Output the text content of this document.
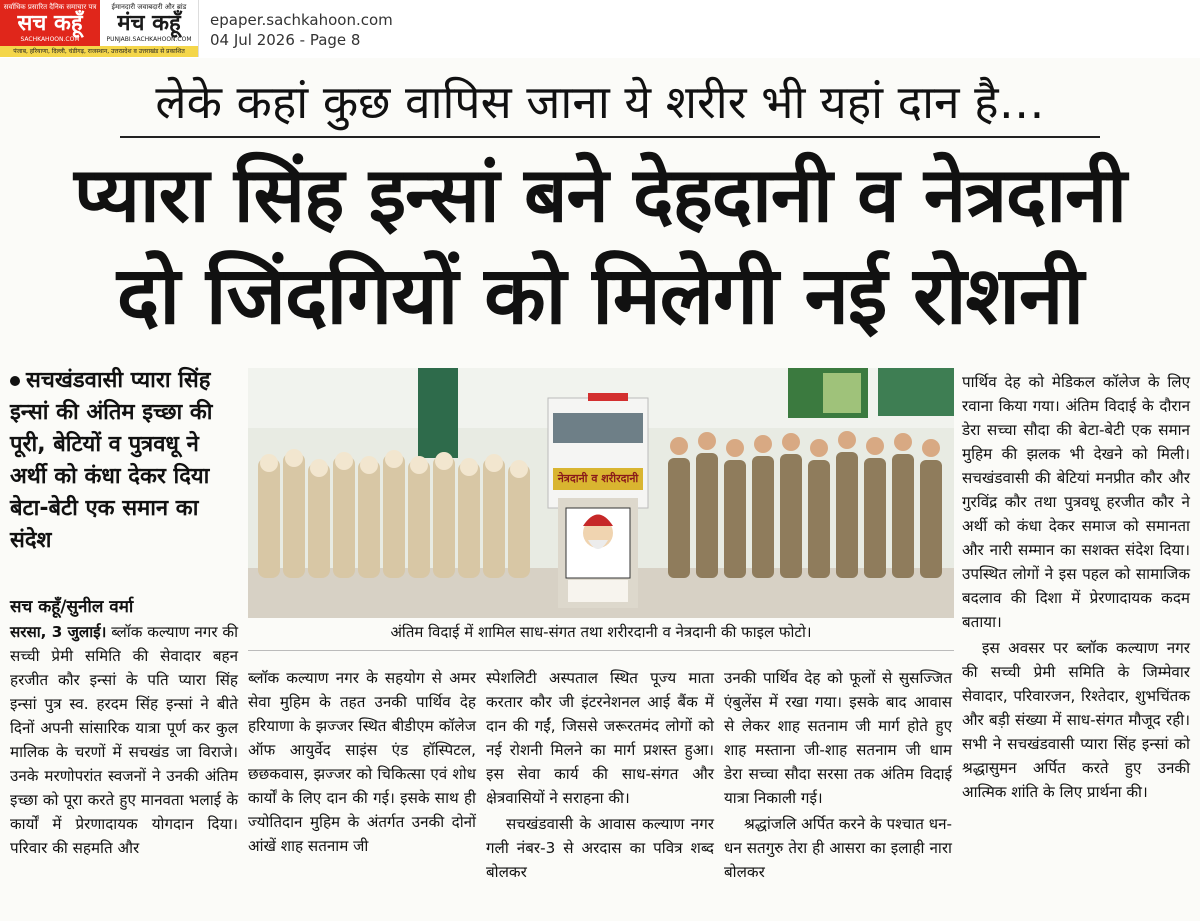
सर्वाधिक प्रसारित दैनिक समाचार पत्र
सच कहूँ
SACHKAHOON.COM
ईमानदारी जवाबदारी और ब्रांड
मंच कहूँ
PUNJABI.SACHKAHOON.COM
पंजाब, हरियाणा, दिल्ली, चंडीगढ़, राजस्थान, उत्तरप्रदेश व उत्तराखंड से प्रकाशित
epaper.sachkahoon.com
04 Jul 2026 - Page 8
लेके कहां कुछ वापिस जाना ये शरीर भी यहां दान है…
प्यारा सिंह इन्सां बने देहदानी व नेत्रदानी
दो जिंदगियों को मिलेगी नई रोशनी
सचखंडवासी प्यारा सिंह इन्सां की अंतिम इच्छा की पूरी, बेटियों व पुत्रवधू ने अर्थी को कंधा देकर दिया बेटा-बेटी एक समान का संदेश
सच कहूँ/सुनील वर्मा

सरसा, 3 जुलाई। ब्लॉक कल्याण नगर की सच्ची प्रेमी समिति की सेवादार बहन हरजीत कौर इन्सां के पति प्यारा सिंह इन्सां पुत्र स्व. हरदम सिंह इन्सां ने बीते दिनों अपनी सांसारिक यात्रा पूर्ण कर कुल मालिक के चरणों में सचखंड जा विराजे। उनके मरणोपरांत स्वजनों ने उनकी अंतिम इच्छा को पूरा करते हुए मानवता भलाई के कार्यों में प्रेरणादायक योगदान दिया। परिवार की सहमति और

नेत्रदानी व शरीरदानी
अंतिम विदाई में शामिल साध-संगत तथा शरीरदानी व नेत्रदानी की फाइल फोटो।

ब्लॉक कल्याण नगर के सहयोग से अमर सेवा मुहिम के तहत उनकी पार्थिव देह हरियाणा के झज्जर स्थित बीडीएम कॉलेज ऑफ आयुर्वेद साइंस एंड हॉस्पिटल, छछकवास, झज्जर को चिकित्सा एवं शोध कार्यों के लिए दान की गई। इसके साथ ही ज्योतिदान मुहिम के अंतर्गत उनकी दोनों आंखें शाह सतनाम जी

स्पेशलिटी अस्पताल स्थित पूज्य माता करतार कौर जी इंटरनेशनल आई बैंक में दान की गईं, जिससे जरूरतमंद लोगों को नई रोशनी मिलने का मार्ग प्रशस्त हुआ। इस सेवा कार्य की साध-संगत और क्षेत्रवासियों ने सराहना की।
सचखंडवासी के आवास कल्याण नगर गली नंबर-3 से अरदास का पवित्र शब्द बोलकर
उनकी पार्थिव देह को फूलों से सुसज्जित एंबुलेंस में रखा गया। इसके बाद आवास से लेकर शाह सतनाम जी मार्ग होते हुए शाह मस्ताना जी-शाह सतनाम जी धाम डेरा सच्चा सौदा सरसा तक अंतिम विदाई यात्रा निकाली गई।
श्रद्धांजलि अर्पित करने के पश्चात धन-धन सतगुरु तेरा ही आसरा का इलाही नारा बोलकर
पार्थिव देह को मेडिकल कॉलेज के लिए रवाना किया गया। अंतिम विदाई के दौरान डेरा सच्चा सौदा की बेटा-बेटी एक समान मुहिम की झलक भी देखने को मिली। सचखंडवासी की बेटियां मनप्रीत कौर और गुरविंद्र कौर तथा पुत्रवधू हरजीत कौर ने अर्थी को कंधा देकर समाज को समानता और नारी सम्मान का सशक्त संदेश दिया। उपस्थित लोगों ने इस पहल को सामाजिक बदलाव की दिशा में प्रेरणादायक कदम बताया।
इस अवसर पर ब्लॉक कल्याण नगर की सच्ची प्रेमी समिति के जिम्मेवार सेवादार, परिवारजन, रिश्तेदार, शुभचिंतक और बड़ी संख्या में साध-संगत मौजूद रही। सभी ने सचखंडवासी प्यारा सिंह इन्सां को श्रद्धासुमन अर्पित करते हुए उनकी आत्मिक शांति के लिए प्रार्थना की।
